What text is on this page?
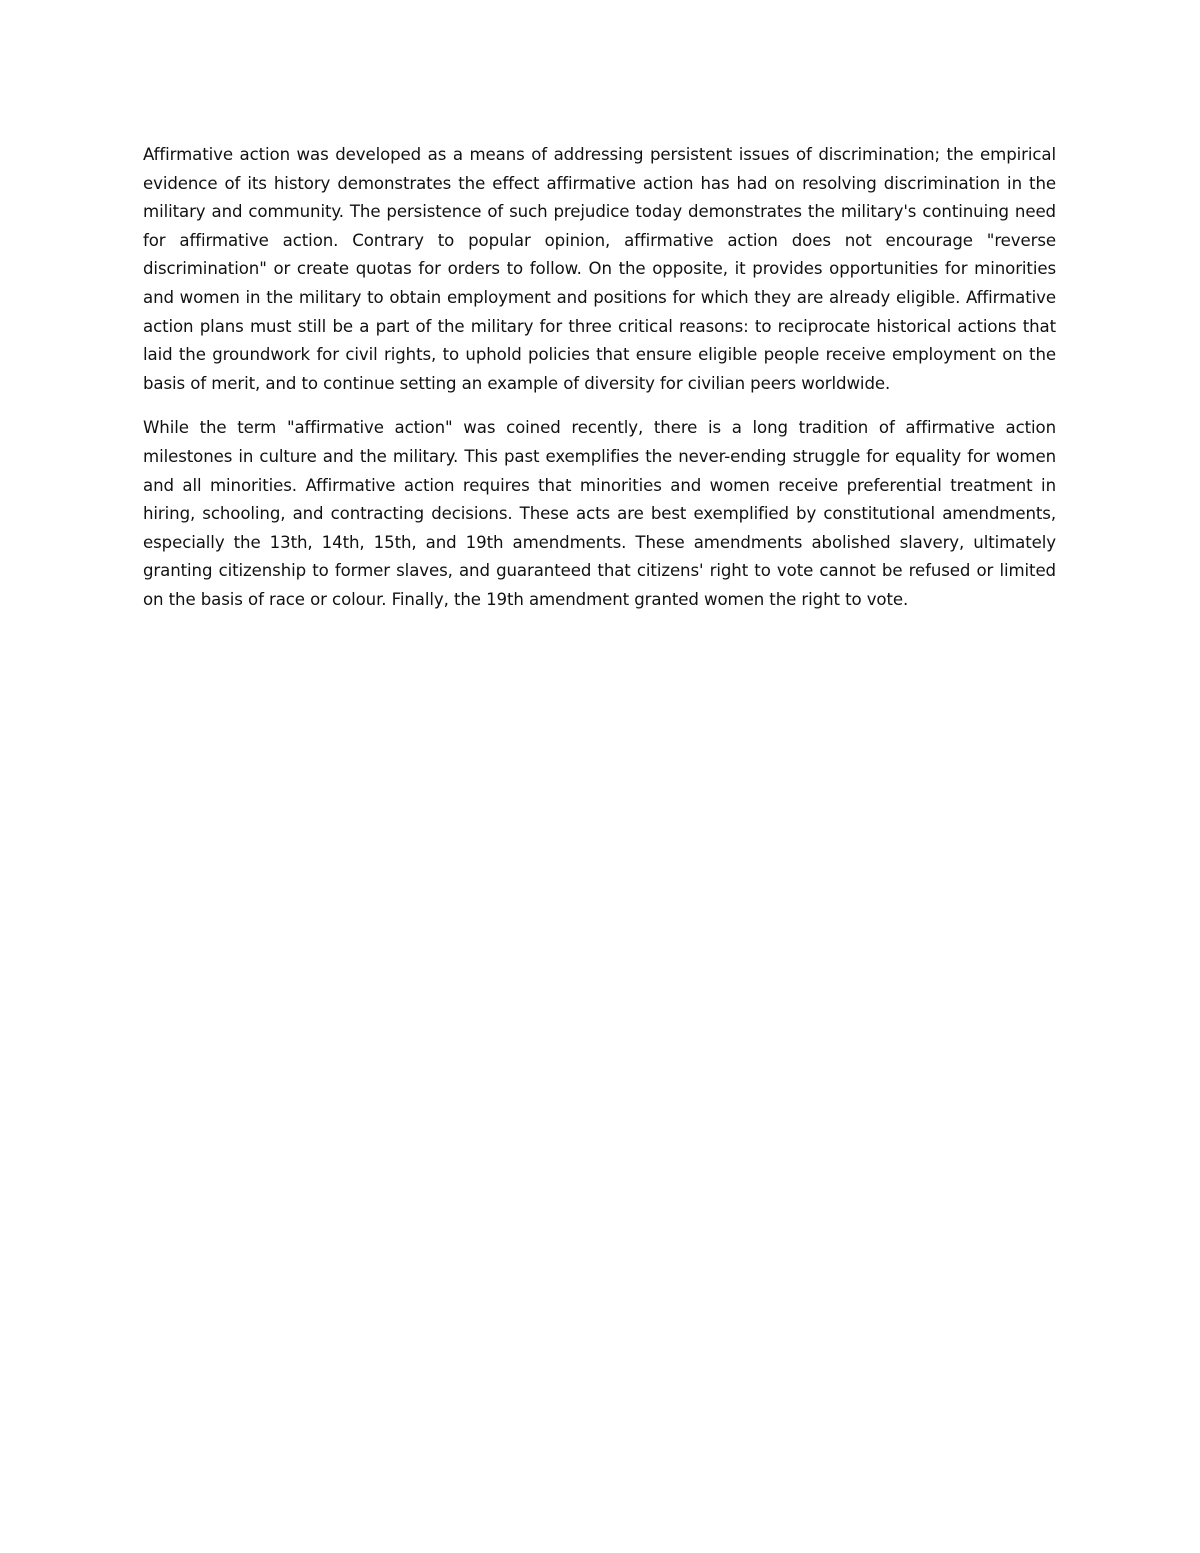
Affirmative action was developed as a means of addressing persistent issues of discrimination; the empirical evidence of its history demonstrates the effect affirmative action has had on resolving discrimination in the military and community. The persistence of such prejudice today demonstrates the military's continuing need for affirmative action. Contrary to popular opinion, affirmative action does not encourage "reverse discrimination" or create quotas for orders to follow. On the opposite, it provides opportunities for minorities and women in the military to obtain employment and positions for which they are already eligible. Affirmative action plans must still be a part of the military for three critical reasons: to reciprocate historical actions that laid the groundwork for civil rights, to uphold policies that ensure eligible people receive employment on the basis of merit, and to continue setting an example of diversity for civilian peers worldwide.

While the term "affirmative action" was coined recently, there is a long tradition of affirmative action milestones in culture and the military. This past exemplifies the never-ending struggle for equality for women and all minorities. Affirmative action requires that minorities and women receive preferential treatment in hiring, schooling, and contracting decisions. These acts are best exemplified by constitutional amendments, especially the 13th, 14th, 15th, and 19th amendments. These amendments abolished slavery, ultimately granting citizenship to former slaves, and guaranteed that citizens' right to vote cannot be refused or limited on the basis of race or colour. Finally, the 19th amendment granted women the right to vote.
